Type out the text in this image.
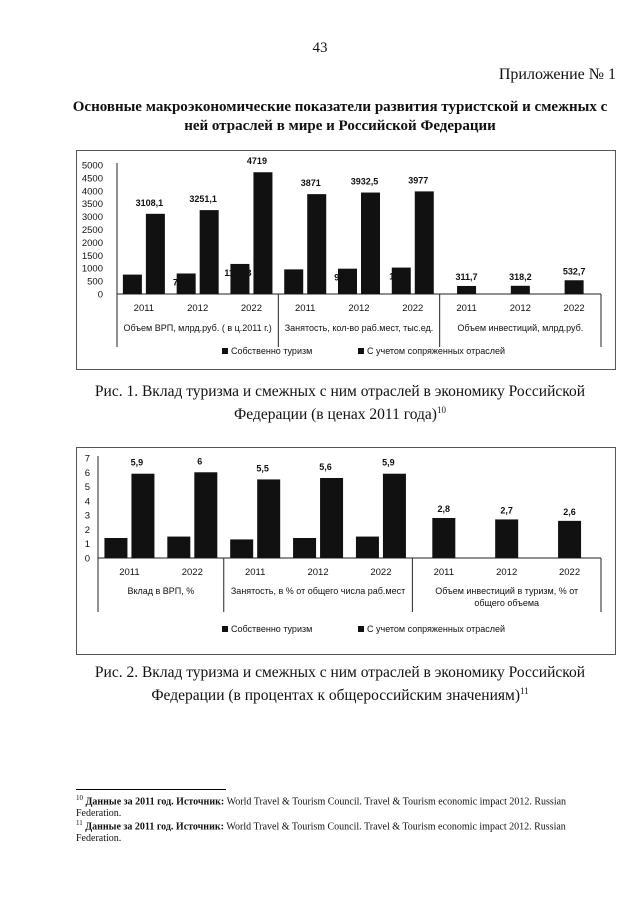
43
Приложение № 1
Основные макроэкономические показатели развития туристской и смежных с ней отраслей в мире и Российской Федерации
0
500
1000
1500
2000
2500
3000
3500
4000
4500
5000
752
3108,1
2011
795,2
3251,1
2012
1165,3
4719
2022
Объем ВРП, млрд.руб. ( в ц.2011 г.)
954
3871
2011
981,5
3932,5
2012
1024
3977
2022
Занятость, кол-во раб.мест, тыс.ед.
311,7
2011
318,2
2012
532,7
2022
Объем инвестиций, млрд.руб.
Собственно туризм	С учетом сопряженных отраслей
Рис. 1. Вклад туризма и смежных с ним отраслей в экономику Российской Федерации (в ценах 2011 года)$^{10}$
0
1
2
3
4
5
6
7
1,4
5,9
2011
1,5
6
2022
Вклад в ВРП, %
1,3
5,5
2011
1,4
5,6
2012
1,5
5,9
2022
Занятость, в % от общего числа раб.мест
2,8
2011
2,7
2012
2,6
2022
Объем инвестиций в туризм, % от
общего объема
Собственно туризм	С учетом сопряженных отраслей
Рис. 2. Вклад туризма и смежных с ним отраслей в экономику Российской Федерации (в процентах к общероссийским значениям)$^{11}$
$^{10}$ Данные за 2011 год. Источник: World Travel & Tourism Council. Travel & Tourism economic impact 2012. Russian Federation.
$^{11}$ Данные за 2011 год. Источник: World Travel & Tourism Council. Travel & Tourism economic impact 2012. Russian Federation.
